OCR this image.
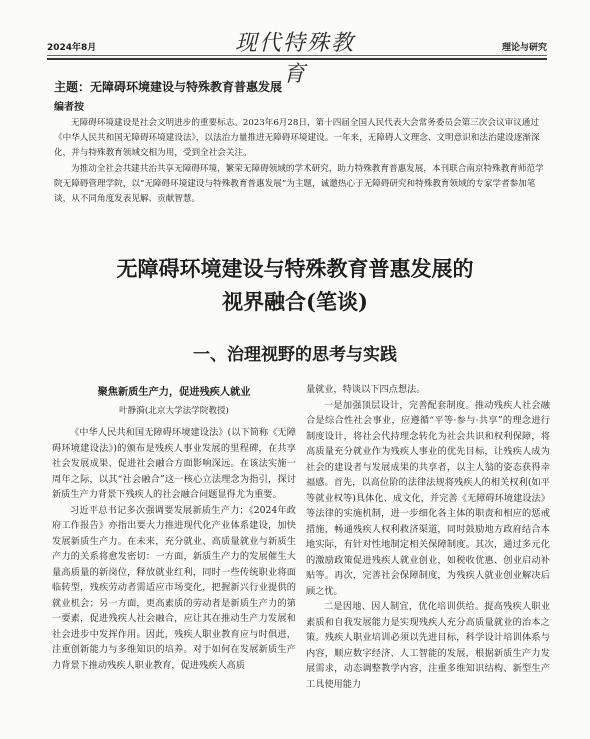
2024年8月	现代特殊教育
理论与研究
主题：无障碍环境建设与特殊教育普惠发展
编者按

无障碍环境建设是社会文明进步的重要标志。2023年6月28日，第十四届全国人民代表大会常务委员会第三次会议审议通过《中华人民共和国无障碍环境建设法》，以法治力量推进无障碍环境建设。一年来，无障碍人文理念、文明意识和法治建设逐渐深化，并与特殊教育领域交相为用，受到全社会关注。

为推动全社会共建共治共享无障碍环境，繁荣无障碍领域的学术研究，助力特殊教育普惠发展，本刊联合南京特殊教育师范学院无障碍管理学院，以“无障碍环境建设与特殊教育普惠发展”为主题，诚邀热心于无障碍研究和特殊教育领域的专家学者参加笔谈，从不同角度发表见解、贡献智慧。

无障碍环境建设与特殊教育普惠发展的
视界融合(笔谈)
一、治理视野的思考与实践
聚焦新质生产力，促进残疾人就业
叶静漪(北京大学法学院教授)

《中华人民共和国无障碍环境建设法》(以下简称《无障碍环境建设法》)的颁布是残疾人事业发展的里程碑，在共享社会发展成果、促进社会融合方面影响深远。在该法实施一周年之际，以其“社会融合”这一核心立法理念为指引，探讨新质生产力背景下残疾人的社会融合问题显得尤为重要。

习近平总书记多次强调要发展新质生产力；《2024年政府工作报告》亦指出要大力推进现代化产业体系建设，加快发展新质生产力。在未来，充分就业、高质量就业与新质生产力的关系将愈发密切：一方面，新质生产力的发展催生大量高质量的新岗位，释放就业红利，同时一些传统职业将面临转型，残疾劳动者需适应市场变化，把握新兴行业提供的就业机会；另一方面，更高素质的劳动者是新质生产力的第一要素，促进残疾人社会融合，应让其在推动生产力发展和社会进步中发挥作用。因此，残疾人职业教育应与时俱进，注重创新能力与多维知识的培养。对于如何在发展新质生产力背景下推动残疾人职业教育，促进残疾人高质

量就业，特谈以下四点想法。

一是加强顶层设计，完善配套制度。推动残疾人社会融合是综合性社会事业，应遵循“平等·参与·共享”的理念进行制度设计，将社会代持理念转化为社会共识和权利保障，将高质量充分就业作为残疾人事业的优先目标，让残疾人成为社会的建设者与发展成果的共享者，以主人翁的姿态获得幸福感。首先，以高位阶的法律法规将残疾人的相关权利(如平等就业权等)具体化、成文化，并完善《无障碍环境建设法》等法律的实施机制，进一步细化各主体的职责和相应的惩戒措施，畅通残疾人权利救济渠道，同时鼓励地方政府结合本地实际，有针对性地制定相关保障制度。其次，通过多元化的激励政策促进残疾人就业创业，如税收优惠、创业启动补贴等。再次，完善社会保障制度，为残疾人就业创业解决后顾之忧。

二是因地、因人制宜，优化培训供给。提高残疾人职业素质和自我发展能力是实现残疾人充分高质量就业的治本之策。残疾人职业培训必须以先进目标，科学设计培训体系与内容，顺应数字经济、人工智能的发展，根据新质生产力发展需求，动态调整教学内容，注重多维知识结构、新型生产工具使用能力
